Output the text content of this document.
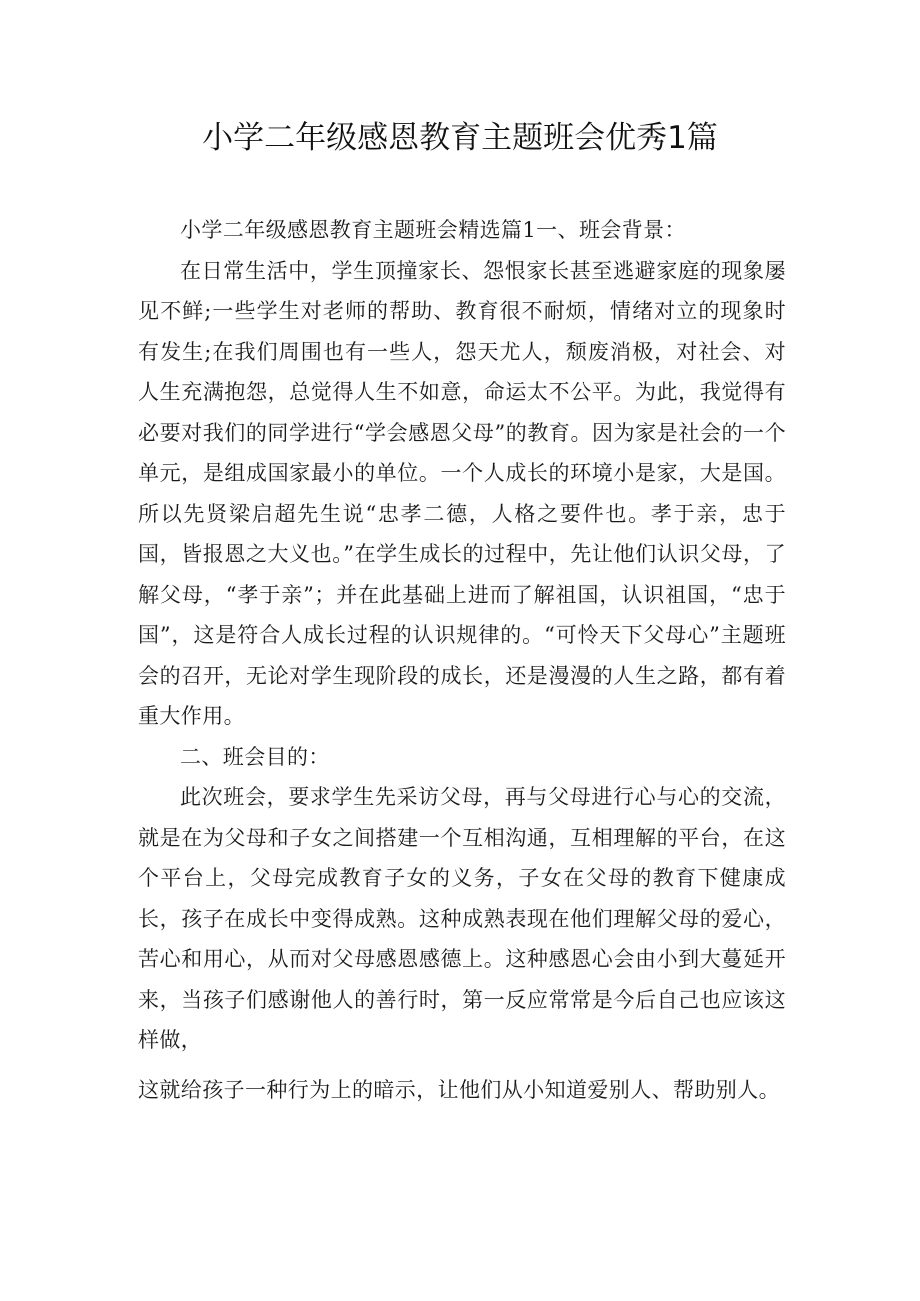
小学二年级感恩教育主题班会优秀1篇

小学二年级感恩教育主题班会精选篇1一、班会背景：

在日常生活中，学生顶撞家长、怨恨家长甚至逃避家庭的现象屡见不鲜;一些学生对老师的帮助、教育很不耐烦，情绪对立的现象时有发生;在我们周围也有一些人，怨天尤人，颓废消极，对社会、对人生充满抱怨，总觉得人生不如意，命运太不公平。为此，我觉得有必要对我们的同学进行“学会感恩父母”的教育。因为家是社会的一个单元，是组成国家最小的单位。一个人成长的环境小是家，大是国。所以先贤梁启超先生说“忠孝二德，人格之要件也。孝于亲，忠于国，皆报恩之大义也。”在学生成长的过程中，先让他们认识父母，了解父母，“孝于亲”；并在此基础上进而了解祖国，认识祖国，“忠于国”，这是符合人成长过程的认识规律的。“可怜天下父母心”主题班会的召开，无论对学生现阶段的成长，还是漫漫的人生之路，都有着重大作用。

二、班会目的：

此次班会，要求学生先采访父母，再与父母进行心与心的交流，就是在为父母和子女之间搭建一个互相沟通，互相理解的平台，在这个平台上，父母完成教育子女的义务，子女在父母的教育下健康成长，孩子在成长中变得成熟。这种成熟表现在他们理解父母的爱心，苦心和用心，从而对父母感恩感德上。这种感恩心会由小到大蔓延开来，当孩子们感谢他人的善行时，第一反应常常是今后自己也应该这样做，

这就给孩子一种行为上的暗示，让他们从小知道爱别人、帮助别人。
